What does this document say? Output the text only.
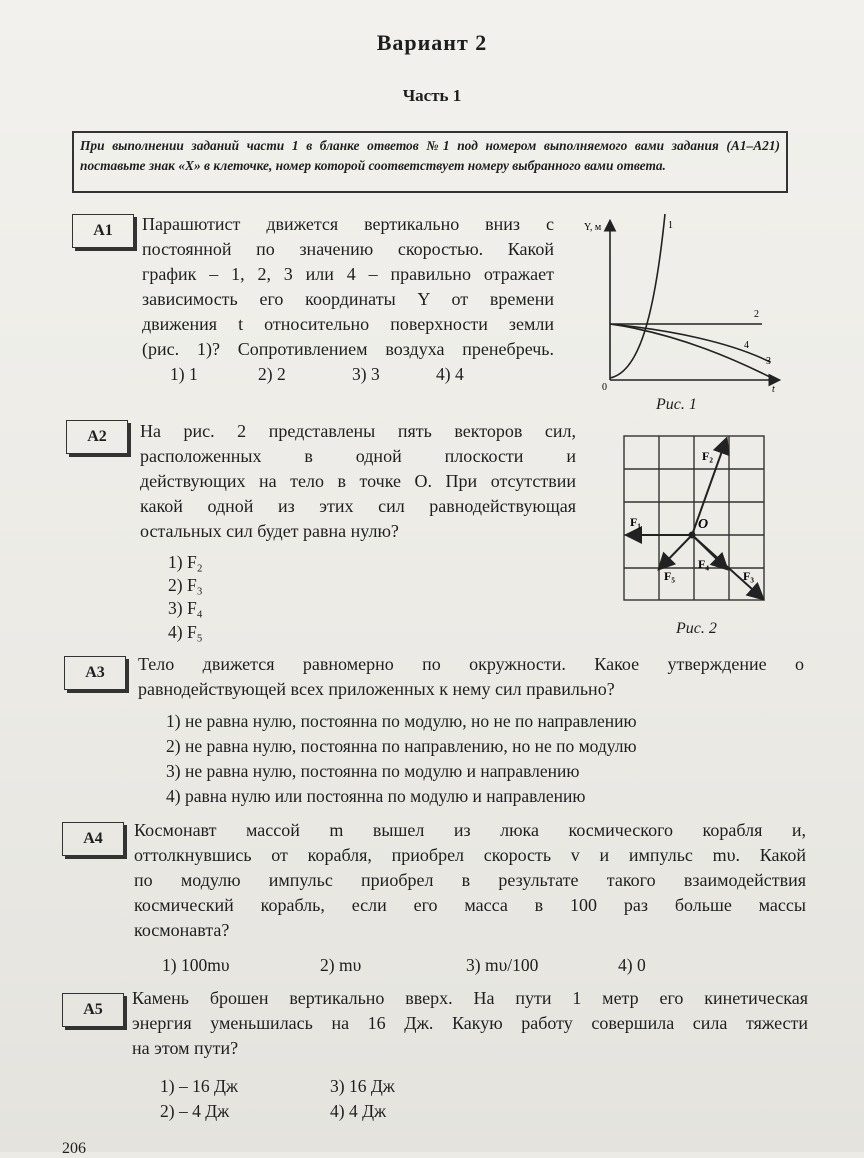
Вариант 2
Часть 1
При выполнении заданий части 1 в бланке ответов №1 под номером выполняемого вами задания (А1–А21) поставьте знак «X» в клеточке, номер которой соответствует номеру выбранного вами ответа.
A1	Парашютист движется вертикально вниз с
постоянной по значению скоростью. Какой
график – 1, 2, 3 или 4 – правильно отражает
зависимость его координаты Y от времени
движения t относительно поверхности земли
(рис. 1)? Сопротивлением воздуха пренебречь.
1) 1	2) 2	3) 3	4) 4
Y, м
0	t
1
2
4
3
Рис. 1
A2	На рис. 2 представлены пять векторов сил,
расположенных в одной плоскости и
действующих на тело в точке O. При отсутствии
какой одной из этих сил равнодействующая
остальных сил будет равна нулю?
1) F₂
2) F₃
3) F₄
4) F₅
O
F₁
F₂
F₃
F₄
F₅
Рис. 2
A3	Тело движется равномерно по окружности. Какое утверждение о
равнодействующей всех приложенных к нему сил правильно?
1) не равна нулю, постоянна по модулю, но не по направлению
2) не равна нулю, постоянна по направлению, но не по модулю
3) не равна нулю, постоянна по модулю и направлению
4) равна нулю или постоянна по модулю и направлению
A4	Космонавт массой m вышел из люка космического корабля и,
оттолкнувшись от корабля, приобрел скорость v и импульс mυ. Какой
по модулю импульс приобрел в результате такого взаимодействия
космический корабль, если его масса в 100 раз больше массы
космонавта?
1) 100mυ	2) mυ	3) mυ/100	4) 0
A5
Камень брошен вертикально вверх. На пути 1 метр его кинетическая
энергия уменьшилась на 16 Дж. Какую работу совершила сила тяжести
на этом пути?
1) – 16 Дж	3) 16 Дж
2) – 4 Дж	4) 4 Дж
206
